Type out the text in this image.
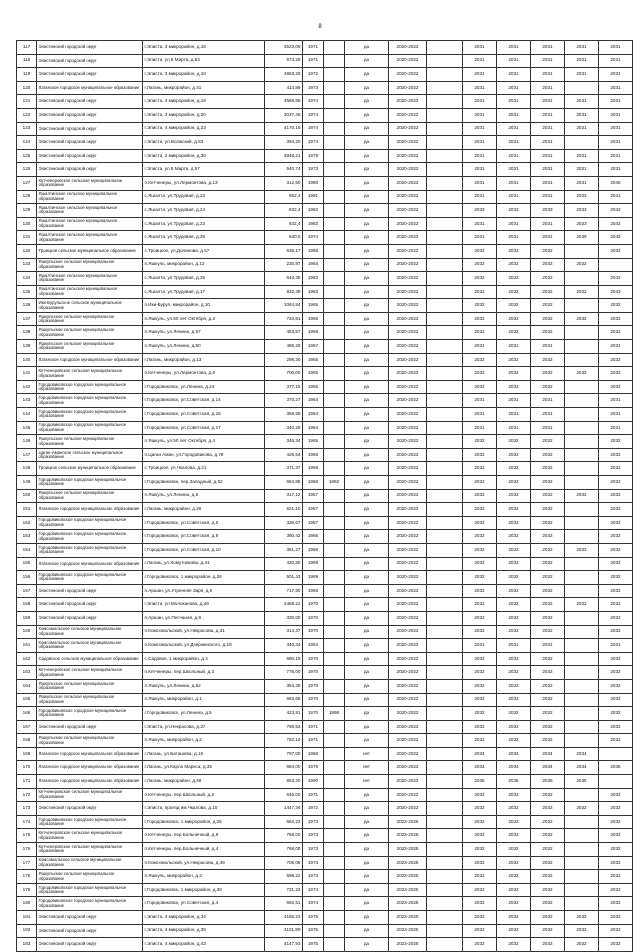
8
117	Элистинский городской округ	г.Элиста, 3 микрорайон, д.18	3523,08	1971		да	2020-2022		2031	2031	2031	2031	2031
118	Элистинский городской округ	г.Элиста, ул.8 Марта, д.63	674,26	1971		да	2020-2022		2031	2031	2031	2031	2031
119	Элистинский городской округ	г.Элиста, 3 микрорайон, д.10	4863,28	1972		да	2020-2022		2031	2031	2031	2031	2031
120	Лаганское городское муниципальное образование	г.Лагань, микрорайон, д.41	414,89	1973		да	2020-2022		2031	2031	2031		2031
121	Элистинский городской округ	г.Элиста, 4 микрорайон, д.19	4568,86	1974		да	2020-2022		2031	2031	2031	2031	2031
122	Элистинский городской округ	г.Элиста, 3 микрорайон, д.20	3037,46	1974		да	2020-2022		2031	2031	2031	2031	2031
123	Элистинский городской округ	г.Элиста, 4 микрорайон, д.23	4170,15	1974		да	2020-2022		2031	2031	2031	2031	2031
124	Элистинский городской округ	г.Элиста, ул.Волжский, д.53	394,20	1974		да	2020-2022		2031	2031	2031		2031
125	Элистинский городской округ	г.Элиста, 2 микрорайон, д.30	3848,21	1979		да	2020-2022		2031	2031	2031	2031	2031
126	Элистинский городской округ	г.Элиста, ул.8 Марта, д.57	540,74	1973		да	2020-2022		2031	2031	2031	2031	2031
127	Кетченеровское сельское муниципальное образование	п.Кетченеры, ул.Лермонтова, д.13	312,50	1980		да	2020-2022		2031	2031	2031	2031	2040
128	Яшалтинское сельское муниципальное образование	с.Яшалта, ул.Трудовая, д.23	652,4	1991		да	2020-2022		2031	2031	2031	2033	2041
129	Яшалтинское сельское муниципальное образование	с.Яшалта, ул.Трудовая, д.24	632,4	1982		да	2020-2022		2033	2033	2033	2033	2042
130	Яшалтинское сельское муниципальное образование	с.Яшалта, ул.Трудовая, д.22	632,4	1982		да	2020-2022		2031	2031	2031	2033	2042
131	Яшалтинское сельское муниципальное образование	с.Яшалта, ул.Трудовая, д.26	640,5	1974		да	2020-2022		2031	2031	2031	2039	2042
132	Троицкое сельское муниципальное образование	с.Троицкое, ул.Долинова, д.57	535,17	1968		да	2020-2022		2032	2032	2032		2032
133	Яшкульское сельское муниципальное образование	п.Яшкуль, микрорайон, д.12	230,87	1984		да	2020-2022		2032	2032	2032	2032	
134	Яшалтинское сельское муниципальное образование	с.Яшалта, ул.Трудовая, д.25	643,35	1983		да	2020-2022		2032	2032	2032		2042
135	Яшалтинское сельское муниципальное образование	с.Яшалта, ул.Трудовая, д.17	932,49	1983		да	2020-2022		2032	2032	2032	2032	2043
136	Ики-Бурульское сельское муниципальное образование	п.Ики-Бурул, микрорайон, д.10	1064,84	1965		да	2020-2022		2032	2032	2032		2032
137	Яшкульское сельское муниципальное образование	п.Яшкуль, ул.50 лет Октября, д.2	734,81	1965		да	2020-2022		2032	2032	2032	2032	2032
138	Яшкульское сельское муниципальное образование	п.Яшкуль, ул.Ленина, д.57	453,57	1966		да	2020-2022		2032	2032	2032		2032
139	Яшкульское сельское муниципальное образование	п.Яшкуль, ул.Ленина, д.50	486,28	1967		да	2020-2022		2031	2031	2031		2031
140	Лаганское городское муниципальное образование	г.Лагань, микрорайон, д.13	298,30	1965		да	2020-2022		2032	2032	2032		2032
141	Кетченеровское сельское муниципальное образование	п.Кетченеры, ул.Лермонтова, д.6	700,00	1965		да	2020-2022		2032	2032	2032	2032	2032
142	Городовиковское городское муниципальное образование	г.Городовиковск, ул.Ленина, д.24	377,15	1965		да	2020-2022		2032	2032	2032		2032
143	Городовиковское городское муниципальное образование	г.Городовиковск, ул.Советская, д.14	370,27	1964		да	2020-2022		2031	2031	2031		2031
144	Городовиковское городское муниципальное образование	г.Городовиковск, ул.Советская, д.16	358,59	1964		да	2020-2022		2031	2031	2031		2031
145	Городовиковское городское муниципальное образование	г.Городовиковск, ул.Советская, д.17	340,26	1964		да	2020-2022		2031	2031	2031		2031
146	Яшкульское сельское муниципальное образование	п.Яшкуль, ул.50 лет Октября, д.4	346,34	1965		да	2020-2022		2032	2032	2032		2032
147	Цаган-Аманское сельское муниципальное образование	п.Цаган Аман, ул.Городовикова, д.78	426,54	1966		да	2020-2022		2032	2032	2032		2032
148	Троицкое сельское муниципальное образование	с.Троицкое, ул.Чкалова, д.21	371,37	1966		да	2020-2022		2032	2032	2032		2032
149	Городовиковское городское муниципальное образование	г.Городовиковск, пер.Западный, д.52	654,85	1966	1992	да	2020-2022		2032	2032	2032		2032
150	Яшкульское сельское муниципальное образование	п.Яшкуль, ул.Ленина, д.6	317,12	1967		да	2020-2022		2032	2032	2032	2032	2032
151	Лаганское городское муниципальное образование	г.Лагань, микрорайон, д.26	621,10	1967		да	2020-2022		2032	2032	2032		2032
152	Городовиковское городское муниципальное образование	г.Городовиковск, ул.Советская, д.5	336,67	1967		да	2020-2022		2032	2032	2032		2032
153	Городовиковское городское муниципальное образование	г.Городовиковск, ул.Советская, д.8	360,42	1966		да	2020-2022		2032	2032	2032		2032
154	Городовиковское городское муниципальное образование	г.Городовиковск, ул.Советская, д.10	361,27	1969		да	2020-2022		2032	2032	2032	2032	2032
155	Лаганское городское муниципальное образование	г.Лагань, ул.Хомутникова, д.41	420,80	1969		да	2020-2022		2032	2032	2032		2032
156	Городовиковское городское муниципальное образование	г.Городовиковск, 1 микрорайон, д.26	501,43	1969		да	2020-2022		2032	2032	2032		2032
157	Элистинский городской округ	п.Аршан, ул.Утренняя Заря, д.6	717,90	1969		да	2020-2022		2032	2032	2032		2032
158	Элистинский городской округ	г.Элиста, ул.Молоканова, д.49	2488,22	1970		да	2020-2022		2032	2032	2032	2032	2032
159	Элистинский городской округ	п.Аршан, ул.Песчаная, д.9	330,00	1970		да	2020-2022		2032	2032	2032		2032
160	Комсомольское сельское муниципальное образование	п.Комсомольский, ул.Некрасова, д.41	314,37	1970		да	2020-2022		2032	2032	2032		2032
161	Комсомольское сельское муниципальное образование	п.Комсомольский, ул.Дзержинского, д.18	440,34	1954		да	2020-2022		2031	2031	2031		2031
162	Садовское сельское муниципальное образование	с.Садовое, 1 микрорайон, д.4	580,19	1970		да	2020-2022		2032	2032	2032		2032
163	Кетченеровское сельское муниципальное образование	п.Кетченеры, пер.Школьный, д.3	776,00	1970		да	2020-2022		2032	2032	2032		2032
164	Яшкульское сельское муниципальное образование	п.Яшкуль, ул.Ленина, д.62	354,36	1970		да	2020-2022		2032	2032	2032		2032
165	Яшкульское сельское муниципальное образование	п.Яшкуль, микрорайон, д.1	683,66	1970		да	2020-2022		2032	2032	2032		2032
166	Городовиковское городское муниципальное образование	г.Городовиковск, ул.Ленина, д.5	423,81	1970	1998	да	2020-2022		2032	2032	2032		2032
167	Элистинский городской округ	г.Элиста, ул.Некрасова, д.37	798,53	1971		да	2020-2022		2032	2032	2032		2032
168	Яшкульское сельское муниципальное образование	п.Яшкуль, микрорайон, д.2	752,10	1971		да	2020-2022		2032	2032	2032		2032
169	Лаганское городское муниципальное образование	г.Лагань, ул.Баташева, д.16	797,00	1966		нет	2020-2022		2034	2034	2034	2034	
170	Лаганское городское муниципальное образование	г.Лагань, ул.Карла Маркса, д.35	684,00	1979		нет	2020-2022		2034	2034	2034	2034	2036
171	Лаганское городское муниципальное образование	г.Лагань, микрорайон, д.49	853,20	1990		нет	2020-2022		2035	2035	2035	2035	
172	Кетченеровское сельское муниципальное образование	п.Кетченеры, пер.Школьный, д.2	546,00	1971		да	2020-2022		2032	2032	2032		2032
173	Элистинский городской округ	г.Элиста, проезд им.Чкалова, д.10	1447,36	1972		да	2020-2022		2032	2032	2032	2032	2032
174	Городовиковское городское муниципальное образование	г.Городовиковск, 1 микрорайон, д.25	662,23	1973		да	2023-2025		2032	2032	2032		2032
175	Кетченеровское сельское муниципальное образование	п.Кетченеры, пер.Больничный, д.6	768,00	1973		да	2023-2025		2032	2032	2032		2032
176	Кетченеровское сельское муниципальное образование	п.Кетченеры, пер.Больничный, д.4	768,00	1973		да	2023-2025		2032	2032	2032		2032
177	Комсомольское сельское муниципальное образование	п.Комсомольский, ул.Некрасова, д.49	708,08	1973		да	2023-2025		2032	2032	2032		2032
178	Яшкульское сельское муниципальное образование	п.Яшкуль, микрорайон, д.3	698,22	1973		да	2023-2025		2032	2032	2032		2032
179	Городовиковское городское муниципальное образование	г.Городовиковск, 1 микрорайон, д.30	731,23	1974		да	2023-2025		2032	2032	2032		2032
180	Городовиковское городское муниципальное образование	г.Городовиковск, ул.Советская, д.4	692,51	1974		да	2023-2025		2032	2032	2032		2032
181	Элистинский городской округ	г.Элиста, 4 микрорайон, д.34	4165,23	1975		да	2023-2025		2032	2032	2032	2032	2032
182	Элистинский городской округ	г.Элиста, 4 микрорайон, д.35	4101,89	1975		да	2023-2025		2032	2032	2032	2032	2032
183	Элистинский городской округ	г.Элиста, 4 микрорайон, д.43	4147,93	1975		да	2023-2025		2032	2032	2032	2032	2032
